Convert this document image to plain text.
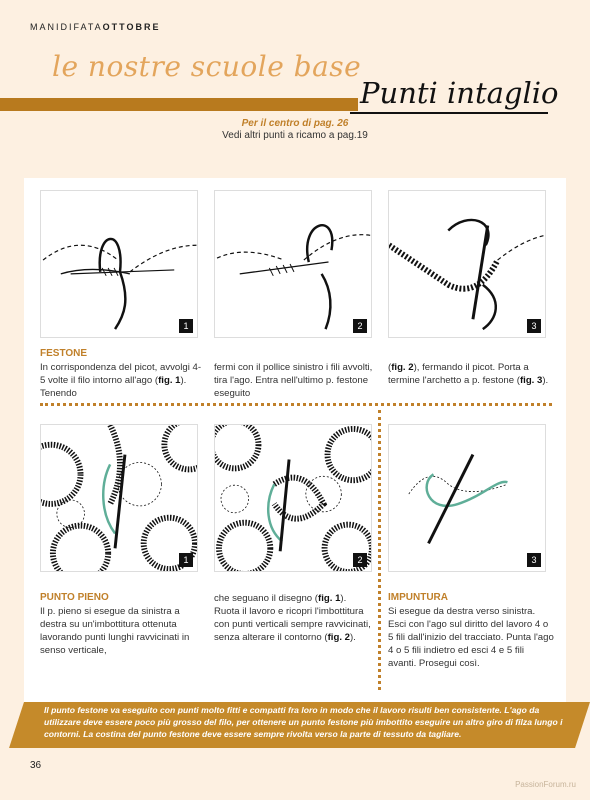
MANIDIFATAOTTOBRE
le nostre scuole base
Punti intaglio
Per il centro di pag. 26
Vedi altri punti a ricamo a pag.19
1	2	3
FESTONE
In corrispondenza del picot, avvolgi 4-5 volte il filo intorno all'ago (fig. 1). Tenendo
fermi con il pollice sinistro i fili avvolti, tira l'ago. Entra nell'ultimo p. festone eseguito
(fig. 2), fermando il picot. Porta a termine l'archetto a p. festone (fig. 3).
1	2	3
PUNTO PIENO
Il p. pieno si esegue da sinistra a destra su un'imbottitura ottenuta lavorando punti lunghi ravvicinati in senso verticale,
che seguano il disegno (fig. 1). Ruota il lavoro e ricopri l'imbottitura con punti verticali sempre ravvicinati, senza alterare il contorno (fig. 2).
IMPUNTURA
Si esegue da destra verso sinistra. Esci con l'ago sul diritto del lavoro 4 o 5 fili dall'inizio del tracciato. Punta l'ago 4 o 5 fili indietro ed esci 4 e 5 fili avanti. Prosegui così.
Il punto festone va eseguito con punti molto fitti e compatti fra loro in modo che il lavoro risulti ben consistente. L'ago da utilizzare deve essere poco più grosso del filo, per ottenere un punto festone più imbottito eseguire un altro giro di filza lungo i contorni. La costina del punto festone deve essere sempre rivolta verso la parte di tessuto da tagliare.
36
PassionForum.ru
